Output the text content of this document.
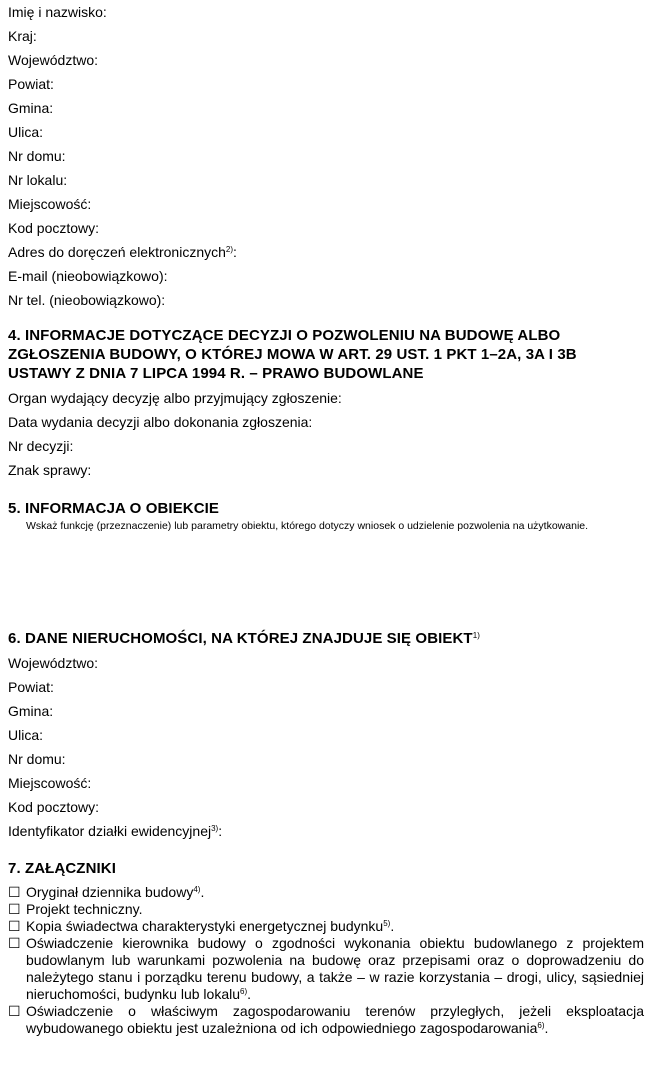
Imię i nazwisko:
Kraj:
Województwo:
Powiat:
Gmina:
Ulica:
Nr domu:
Nr lokalu:
Miejscowość:
Kod pocztowy:
Adres do doręczeń elektronicznych$^{2)}$:
E-mail (nieobowiązkowo):
Nr tel. (nieobowiązkowo):
4. INFORMACJE DOTYCZĄCE DECYZJI O POZWOLENIU NA BUDOWĘ ALBO
ZGŁOSZENIA BUDOWY, O KTÓREJ MOWA W ART. 29 UST. 1 PKT 1–2A, 3A I 3B
USTAWY Z DNIA 7 LIPCA 1994 R. – PRAWO BUDOWLANE
Organ wydający decyzję albo przyjmujący zgłoszenie:
Data wydania decyzji albo dokonania zgłoszenia:
Nr decyzji:
Znak sprawy:
5. INFORMACJA O OBIEKCIE
Wskaż funkcję (przeznaczenie) lub parametry obiektu, którego dotyczy wniosek o udzielenie pozwolenia na użytkowanie.
6. DANE NIERUCHOMOŚCI, NA KTÓREJ ZNAJDUJE SIĘ OBIEKT$^{1)}$
Województwo:
Powiat:
Gmina:
Ulica:
Nr domu:
Miejscowość:
Kod pocztowy:
Identyfikator działki ewidencyjnej$^{3)}$:
7. ZAŁĄCZNIKI
☐ Oryginał dziennika budowy$^{4)}$.
☐ Projekt techniczny.
☐ Kopia świadectwa charakterystyki energetycznej budynku$^{5)}$.
☐ Oświadczenie kierownika budowy o zgodności wykonania obiektu budowlanego z projektem budowlanym lub warunkami pozwolenia na budowę oraz przepisami oraz o doprowadzeniu do należytego stanu i porządku terenu budowy, a także – w razie korzystania – drogi, ulicy, sąsiedniej nieruchomości, budynku lub lokalu$^{6)}$.
☐ Oświadczenie o właściwym zagospodarowaniu terenów przyległych, jeżeli eksploatacja wybudowanego obiektu jest uzależniona od ich odpowiedniego zagospodarowania$^{6)}$.
